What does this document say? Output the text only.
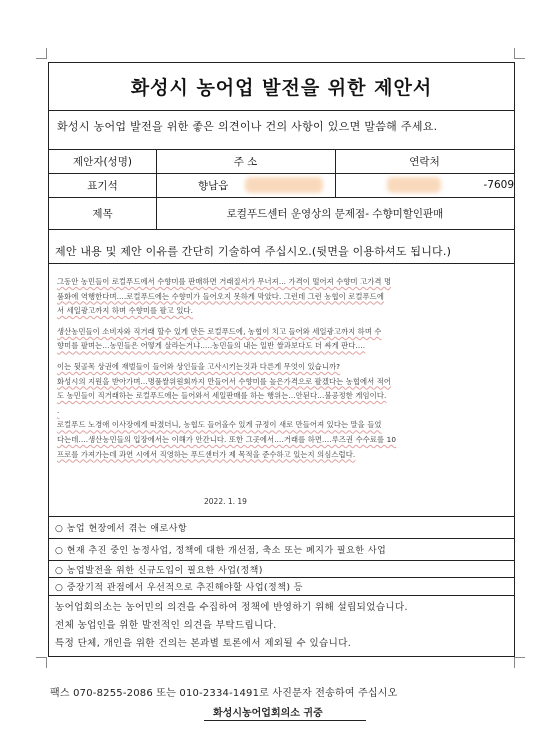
화성시 농어업 발전을 위한 제안서
화성시 농어업 발전을 위한 좋은 의견이나 건의 사항이 있으면 말씀해 주세요.
제안자(성명)	주 소	연락처
표기석	향남읍	-7609
제목	로컬푸드센터 운영상의 문제점- 수향미할인판매
제안 내용 및 제안 이유를 간단히 기술하여 주십시오.(뒷면을 이용하셔도 됩니다.)
그동안 농민들이 로컬푸드에서 수향미를 판매하면 거래질서가 무너져... 가격이 떨어져 수향미 고가격 명
품화에 역행한다며....로컬푸드에는 수향미가 들어오지 못하게 막았다. 그런데 그런 농협이 로컬푸드에
서 세일광고까지 하며 수향미를 팔고 있다.
생산농민들이 소비자와 직거래 할수 있게 만든 로컬푸드에, 농협이 치고 들어와 세일광고까지 하며 수
향미를 팔며는...농민들은 어떻게 살라는거냐.....농민들의 내는 일반 쌀과보다도 더 싸게 판다....
이는 뒷골목 상권에 재벌들이 들어와 상인들을 고사시키는것과 다른게 무엇이 있습니까?
화성시의 지원을 받아가며...명품쌀위원회까지 만들어서 수향미를 높은가격으로 팔겠다는 농협에서 적어
도 농민들이 직거래하는 로컬푸드에는 들어와서 세일판매를 하는 행위는...안된다...불공정한 게임이다.
.
로컬푸드 노경애 이사장에게 따졌더니, 농협도 들어올수 있게 규정이 새로 만들어져 있다는 말을 들었
다는데....생산농민들의 입장에서는 이해가 안간니다. 또한 그곳에서....거래를 하면....루즈권 수수료를 10
프로를 가져가는데 과연 시에서 직영하는 푸드센터가 제 목적을 준수하고 있는지 의심스럽다.
2022. 1. 19
○ 농업 현장에서 겪는 애로사항
○ 현재 추진 중인 농정사업, 정책에 대한 개선점, 축소 또는 폐지가 필요한 사업
○ 농업발전을 위한 신규도입이 필요한 사업(정책)
○ 중장기적 관점에서 우선적으로 추진해야할 사업(정책) 등
농어업회의소는 농어민의 의견을 수집하여 정책에 반영하기 위해 설립되었습니다.
전체 농업인을 위한 발전적인 의견을 부탁드립니다.
특정 단체, 개인을 위한 건의는 본과별 토론에서 제외될 수 있습니다.
팩스 070-8255-2086 또는 010-2334-1491로 사진문자 전송하여 주십시오
화성시농어업회의소 귀중
